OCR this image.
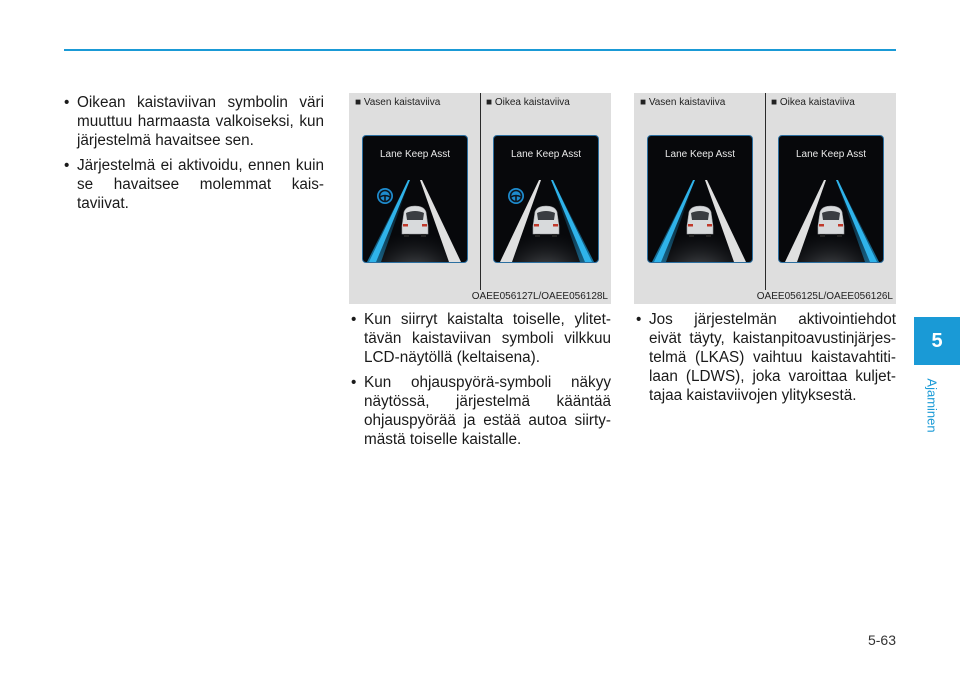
5
Ajaminen
• Oikean kaistaviivan symbolin väri muuttuu harmaasta valkoiseksi, kun järjestelmä havaitsee sen.
• Järjestelmä ei aktivoidu, ennen kuin se havaitsee molemmat kais-taviivat.
■ Vasen kaistaviiva	■ Oikea kaistaviiva
Lane Keep Asst	Lane Keep Asst
OAEE056127L/OAEE056128L
■ Vasen kaistaviiva	■ Oikea kaistaviiva
Lane Keep Asst	Lane Keep Asst
OAEE056125L/OAEE056126L
• Kun siirryt kaistalta toiselle, ylitet-tävän kaistaviivan symboli vilkkuu LCD-näytöllä (keltaisena).
• Kun ohjauspyörä-symboli näkyy näytössä, järjestelmä kääntää ohjauspyörää ja estää autoa siirty-mästä toiselle kaistalle.
• Jos järjestelmän aktivointiehdot eivät täyty, kaistanpitoavustinjärjes-telmä (LKAS) vaihtuu kaistavahtiti-laan (LDWS), joka varoittaa kuljet-tajaa kaistaviivojen ylityksestä.
5-63
